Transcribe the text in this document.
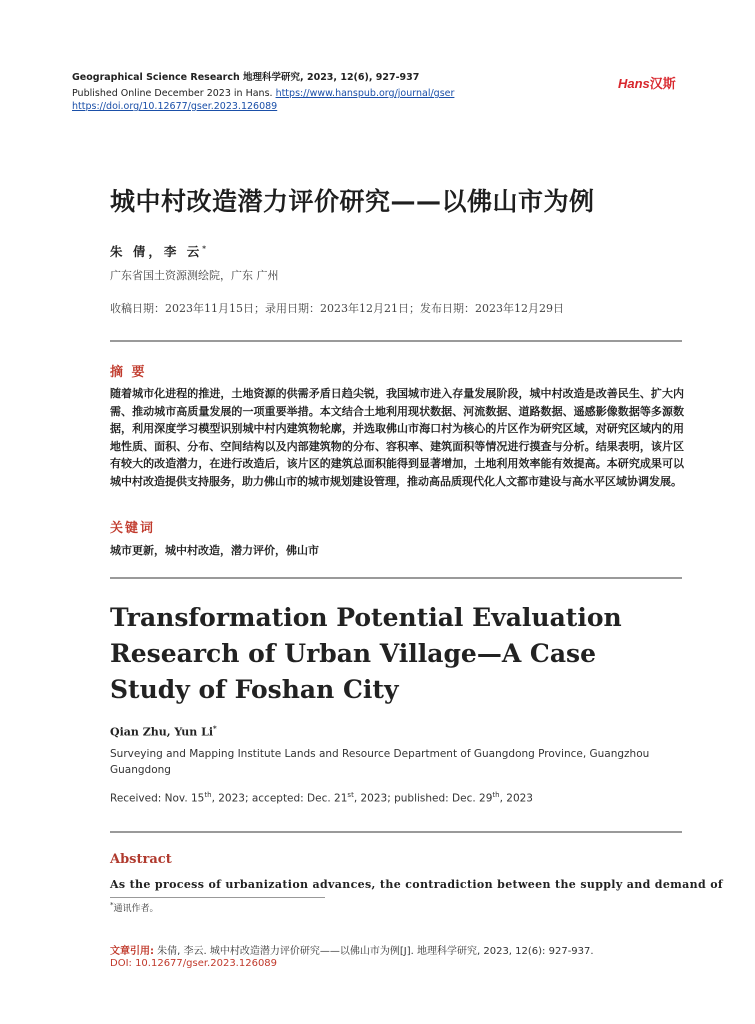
Geographical Science Research 地理科学研究, 2023, 12(6), 927-937
Published Online December 2023 in Hans. https://www.hanspub.org/journal/gser
https://doi.org/10.12677/gser.2023.126089
Hans汉斯
城中村改造潜力评价研究——以佛山市为例
朱 倩，李 云*
广东省国土资源测绘院，广东 广州
收稿日期：2023年11月15日；录用日期：2023年12月21日；发布日期：2023年12月29日
摘 要
随着城市化进程的推进，土地资源的供需矛盾日趋尖锐，我国城市进入存量发展阶段，城中村改造是改善民生、扩大内需、推动城市高质量发展的一项重要举措。本文结合土地利用现状数据、河流数据、道路数据、遥感影像数据等多源数据，利用深度学习模型识别城中村内建筑物轮廓，并选取佛山市海口村为核心的片区作为研究区域，对研究区域内的用地性质、面积、分布、空间结构以及内部建筑物的分布、容积率、建筑面积等情况进行摸查与分析。结果表明，该片区有较大的改造潜力，在进行改造后，该片区的建筑总面积能得到显著增加，土地利用效率能有效提高。本研究成果可以城中村改造提供支持服务，助力佛山市的城市规划建设管理，推动高品质现代化人文都市建设与高水平区域协调发展。
关键词
城市更新，城中村改造，潜力评价，佛山市
Transformation Potential Evaluation Research of Urban Village—A Case Study of Foshan City
Qian Zhu, Yun Li*
Surveying and Mapping Institute Lands and Resource Department of Guangdong Province, Guangzhou Guangdong
Received: Nov. 15th, 2023; accepted: Dec. 21st, 2023; published: Dec. 29th, 2023
Abstract
As the process of urbanization advances, the contradiction between the supply and demand of
*通讯作者。
文章引用: 朱倩, 李云. 城中村改造潜力评价研究——以佛山市为例[J]. 地理科学研究, 2023, 12(6): 927-937.
DOI: 10.12677/gser.2023.126089
